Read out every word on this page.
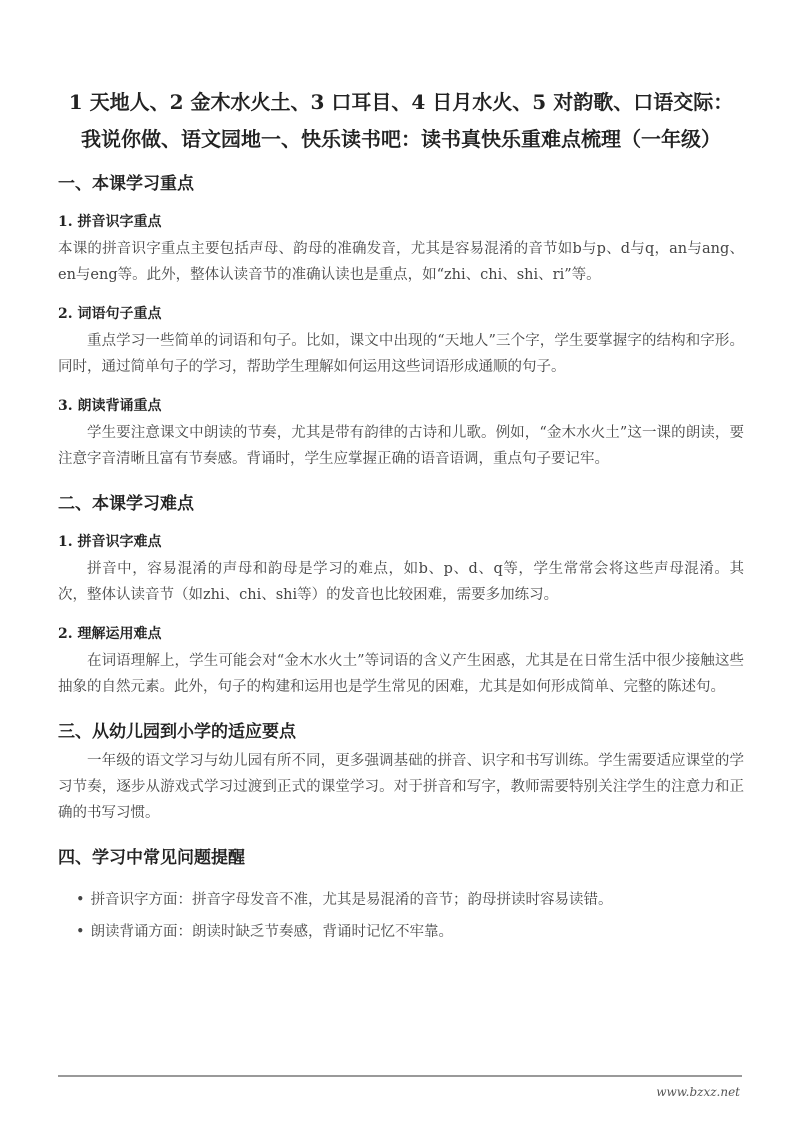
1 天地人、2 金木水火土、3 口耳目、4 日月水火、5 对韵歌、口语交际：我说你做、语文园地一、快乐读书吧：读书真快乐重难点梳理（一年级）
一、本课学习重点
1. 拼音识字重点
本课的拼音识字重点主要包括声母、韵母的准确发音，尤其是容易混淆的音节如b与p、d与q，an与ang、en与eng等。此外，整体认读音节的准确认读也是重点，如“zhi、chi、shi、ri”等。
2. 词语句子重点
重点学习一些简单的词语和句子。比如，课文中出现的“天地人”三个字，学生要掌握字的结构和字形。同时，通过简单句子的学习，帮助学生理解如何运用这些词语形成通顺的句子。
3. 朗读背诵重点
学生要注意课文中朗读的节奏，尤其是带有韵律的古诗和儿歌。例如，“金木水火土”这一课的朗读，要注意字音清晰且富有节奏感。背诵时，学生应掌握正确的语音语调，重点句子要记牢。
二、本课学习难点
1. 拼音识字难点
拼音中，容易混淆的声母和韵母是学习的难点，如b、p、d、q等，学生常常会将这些声母混淆。其次，整体认读音节（如zhi、chi、shi等）的发音也比较困难，需要多加练习。
2. 理解运用难点
在词语理解上，学生可能会对“金木水火土”等词语的含义产生困惑，尤其是在日常生活中很少接触这些抽象的自然元素。此外，句子的构建和运用也是学生常见的困难，尤其是如何形成简单、完整的陈述句。
三、从幼儿园到小学的适应要点
一年级的语文学习与幼儿园有所不同，更多强调基础的拼音、识字和书写训练。学生需要适应课堂的学习节奏，逐步从游戏式学习过渡到正式的课堂学习。对于拼音和写字，教师需要特别关注学生的注意力和正确的书写习惯。
四、学习中常见问题提醒
• 拼音识字方面：拼音字母发音不准，尤其是易混淆的音节；韵母拼读时容易读错。
• 朗读背诵方面：朗读时缺乏节奏感，背诵时记忆不牢靠。
www.bzxz.net
